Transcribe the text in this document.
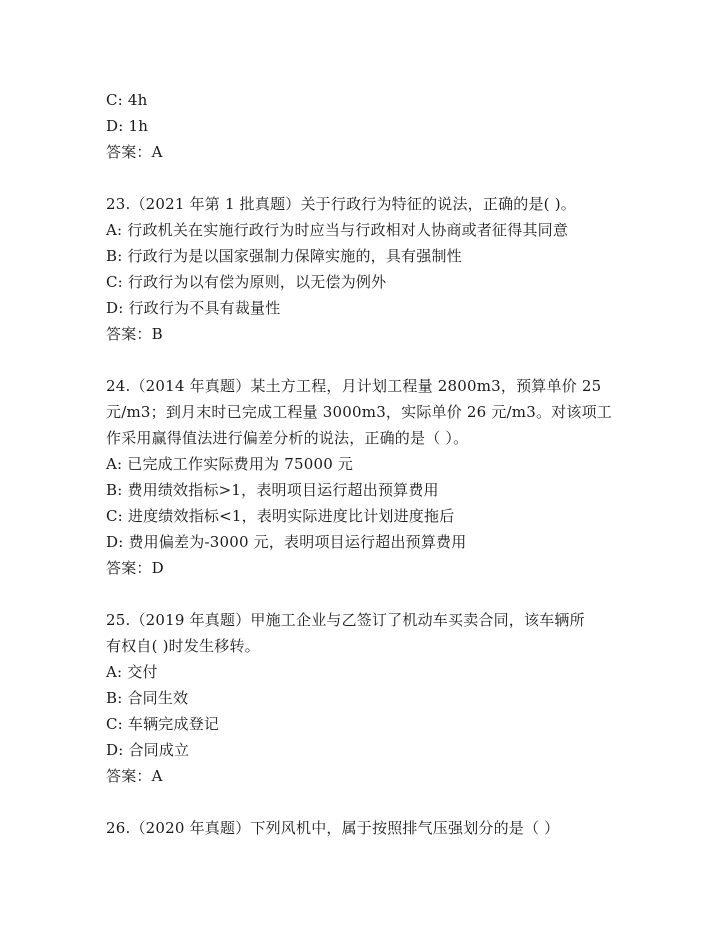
C: 4h
D: 1h
答案：A
23.（2021 年第 1 批真题）关于行政行为特征的说法，正确的是( )。
A: 行政机关在实施行政行为时应当与行政相对人协商或者征得其同意
B: 行政行为是以国家强制力保障实施的，具有强制性
C: 行政行为以有偿为原则，以无偿为例外
D: 行政行为不具有裁量性
答案：B
24.（2014 年真题）某土方工程，月计划工程量 2800m3，预算单价 25
元/m3；到月末时已完成工程量 3000m3，实际单价 26 元/m3。对该项工
作采用赢得值法进行偏差分析的说法，正确的是（ ）。
A: 已完成工作实际费用为 75000 元
B: 费用绩效指标>1，表明项目运行超出预算费用
C: 进度绩效指标<1，表明实际进度比计划进度拖后
D: 费用偏差为-3000 元，表明项目运行超出预算费用
答案：D
25.（2019 年真题）甲施工企业与乙签订了机动车买卖合同，该车辆所
有权自( )时发生移转。
A: 交付
B: 合同生效
C: 车辆完成登记
D: 合同成立
答案：A
26.（2020 年真题）下列风机中，属于按照排气压强划分的是（ ）
